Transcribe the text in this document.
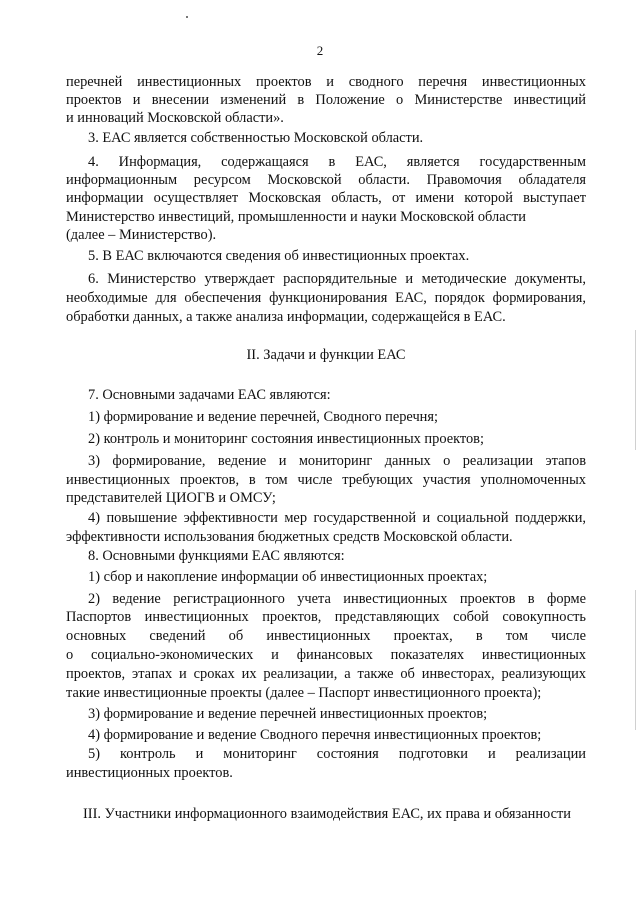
2
перечней инвестиционных проектов и сводного перечня инвестиционных
проектов и внесении изменений в Положение о Министерстве инвестиций
и инноваций Московской области».
3. ЕАС является собственностью Московской области.
4. Информация, содержащаяся в ЕАС, является государственным
информационным ресурсом Московской области. Правомочия обладателя
информации осуществляет Московская область, от имени которой выступает
Министерство инвестиций, промышленности и науки Московской области
(далее – Министерство).
5. В ЕАС включаются сведения об инвестиционных проектах.
6. Министерство утверждает распорядительные и методические документы,
необходимые для обеспечения функционирования ЕАС, порядок формирования,
обработки данных, а также анализа информации, содержащейся в ЕАС.
II. Задачи и функции ЕАС
7. Основными задачами ЕАС являются:
1) формирование и ведение перечней, Сводного перечня;
2) контроль и мониторинг состояния инвестиционных проектов;
3) формирование, ведение и мониторинг данных о реализации этапов
инвестиционных проектов, в том числе требующих участия уполномоченных
представителей ЦИОГВ и ОМСУ;
4) повышение эффективности мер государственной и социальной поддержки,
эффективности использования бюджетных средств Московской области.
8. Основными функциями ЕАС являются:
1) сбор и накопление информации об инвестиционных проектах;
2) ведение регистрационного учета инвестиционных проектов в форме
Паспортов инвестиционных проектов, представляющих собой совокупность
основных сведений об инвестиционных проектах, в том числе
о социально-экономических и финансовых показателях инвестиционных
проектов, этапах и сроках их реализации, а также об инвесторах, реализующих
такие инвестиционные проекты (далее – Паспорт инвестиционного проекта);
3) формирование и ведение перечней инвестиционных проектов;
4) формирование и ведение Сводного перечня инвестиционных проектов;
5) контроль и мониторинг состояния подготовки и реализации
инвестиционных проектов.
III. Участники информационного взаимодействия ЕАС, их права и обязанности
